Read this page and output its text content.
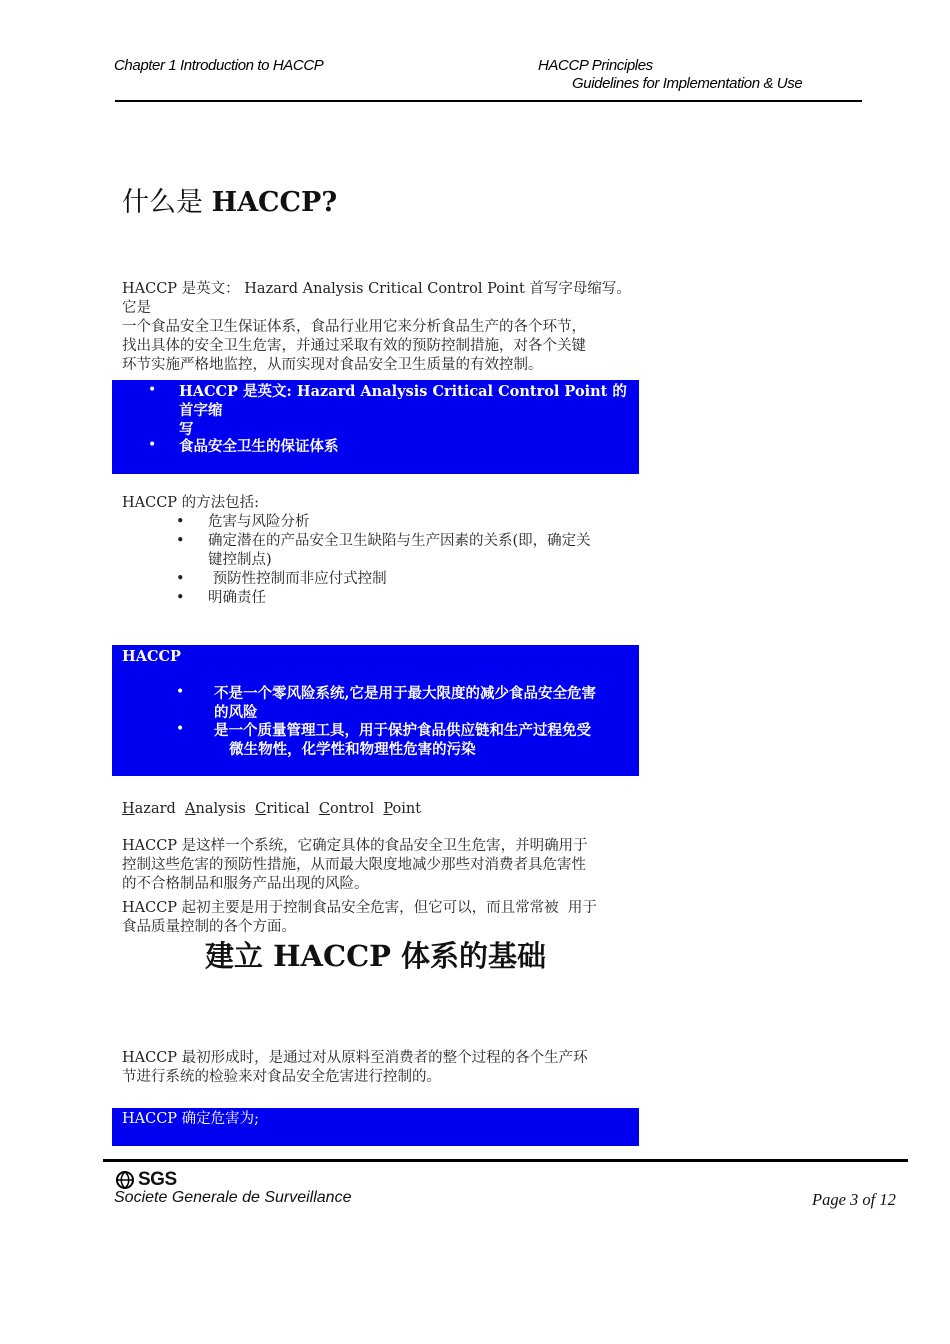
Chapter 1 Introduction to HACCP	HACCP Principles
Guidelines for Implementation & Use
什么是 HACCP?
HACCP 是英文： Hazard Analysis Critical Control Point 首写字母缩写。它是
一个食品安全卫生保证体系，食品行业用它来分析食品生产的各个环节，
找出具体的安全卫生危害，并通过采取有效的预防控制措施，对各个关键
环节实施严格地监控，从而实现对食品安全卫生质量的有效控制。
• HACCP 是英文: Hazard Analysis Critical Control Point 的首字缩
写
• 食品安全卫生的保证体系
HACCP 的方法包括:
• 危害与风险分析
• 确定潜在的产品安全卫生缺陷与生产因素的关系(即，确定关
键控制点)
• 预防性控制而非应付式控制
• 明确责任
HACCP
• 不是一个零风险系统,它是用于最大限度的减少食品安全危害
的风险
• 是一个质量管理工具，用于保护食品供应链和生产过程免受
微生物性，化学性和物理性危害的污染
Hazard Analysis Critical Control Point
HACCP 是这样一个系统，它确定具体的食品安全卫生危害，并明确用于
控制这些危害的预防性措施，从而最大限度地减少那些对消费者具危害性
的不合格制品和服务产品出现的风险。
HACCP 起初主要是用于控制食品安全危害，但它可以，而且常常被  用于
食品质量控制的各个方面。
建立 HACCP 体系的基础
HACCP 最初形成时，是通过对从原料至消费者的整个过程的各个生产环
节进行系统的检验来对食品安全危害进行控制的。
HACCP 确定危害为;
SGS
Societe Generale de Surveillance	Page 3 of 12
